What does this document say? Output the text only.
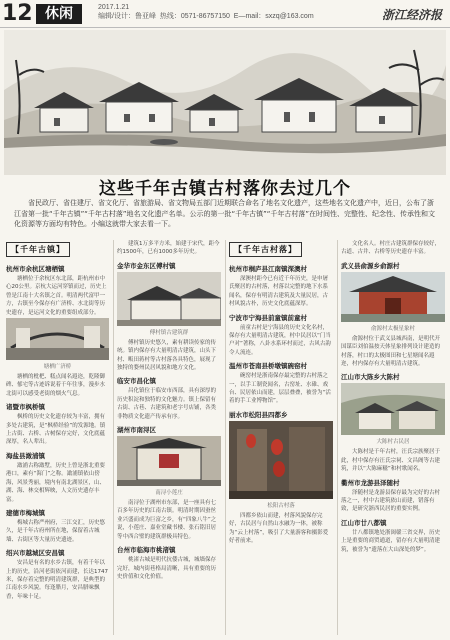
12 休闲	2017.1.21
编辑/设计：鲁亚峰 热线：0571-86757150 E—mail：sxzq@163.com	浙江经济报
这些千年古镇古村落你去过几个
省民政厅、省住建厅、省文化厅、省旅游局、省文物局五部门近期联合命名了地名文化遗产，这些地名文化遗产中，近日，公布了浙江省第一批“千年古镇”“千年古村落”地名文化遗产名单。公示的第一批“千年古镇”“千年古村落”在时间性、完整性、纪念性、传承性和文化资源等方面均有特色。小编这就带大家去看一下。
【千年古镇】
杭州市余杭区塘栖镇

塘栖位于余杭区东北部，距杭州市中心20公里。京杭大运河穿镇而过，历史上曾是江南十大名镇之首。明清两代富甲一方，古镇至今保存有广济桥、水北街等历史遗存，是运河文化的重要组成部分。

塘栖广济桥

塘栖的枇杷、糕点闻名遐迩，乾隆御碑、郁宅等古迹诉说着千年往事，漫步水北街可以感受老街的烟火气息。

诸暨市枫桥镇

枫桥的历史文化遗存较为丰富，拥有多处古建筑，是“枫桥经验”的发源地。镇上古街、古桥、古树保存完好，文化底蕴深厚，名人辈出。

海盐县澉浦镇

澉浦古称澉墅，历史上曾是浙北重要港口，素有“海门”之称。澉浦镇依山傍海，风景秀丽，境内有南北湖景区，山、湖、海、林交相辉映，人文历史遗存丰富。

建德市梅城镇

梅城古称严州府，三江交汇，历史悠久，是千年古府州所在地，保留着古城墙、古街区等大量历史遗迹。

绍兴市越城区安昌镇

安昌是有名的水乡古镇，有着千年以上的历史，沿河老街依河而建，长达1747米，保存着完整的明清建筑群，是典型的江南水乡风貌。每逢腊月，安昌腊味飘香，年味十足。

建筑1万多平方米，始建于宋代，距今约1500年，已有1000多年历史。

金华市金东区傅村镇
傅村镇古建筑群

傅村镇历史悠久，素有耕读传家的传统。镇内保存有大量明清古建筑，山头下村、畈田蒋村等古村落各具特色，展现了独特的婺州民居风貌和地方文化。

临安市昌化镇

昌化镇位于临安市西部，具有深厚的历史积淀和独特的文化魅力。镇上保留有古街、古巷、古建筑和老字号店铺，各类非物质文化遗产传承有序。

湖州市南浔区
南浔小莲庄

南浔位于湖州市东部，是一座具有七百多年历史的江南古镇。明清时期因蚕丝业兴盛而成为巨富之乡，有“四象八牛”之说，小莲庄、嘉业堂藏书楼、张石铭旧居等中西合璧的建筑群极具特色。

台州市临海市桃渚镇

桃渚古城是明代抗倭古城，城墙保存完好，城内街巷格局清晰，具有重要的历史价值和文化价值。

【千年古村落】
杭州市桐庐县江南镇深澳村

深澳村距今已有近千年历史，是申屠氏聚居的古村落，村落以完整的地下水系闻名，保存有明清古建筑及大量民居，古村风貌古朴，历史文化底蕴深厚。

宁波市宁海县前童镇前童村

前童古村是宁海县的历史文化名村，保存有大量明清古建筑，村中民居以“门当户对”著称，八卦水系环村而过，古风古韵令人流连。

温州市苍南县桥墩镇碗窑村

碗窑村是浙南保存最完整的古村落之一，以手工制瓷闻名，古窑址、水碓、戏台、民居依山而建，层层叠叠，被誉为“活着的手工业博物馆”。

丽水市松阳县四都乡
松阳古村落

四都乡依山而建，村落风貌保存完好，古民居与自然山水融为一体，被称为“云上村落”，吸引了大量游客和摄影爱好者前来。

文化名人。村庄古建筑群保存较好，古道、古井、古桥等历史遗存丰富。

武义县俞源乡俞源村
俞源村太极星象村

俞源村位于武义县城西南，是明代开国谋臣刘伯温按天体星象排列设计建造的村落，村口的太极图田和七星塘闻名遐迩，村内保存有大量明清古建筑。

江山市大陈乡大陈村
大陈村古民居

大陈村是千年古村，汪氏宗族聚居于此，村中保存有汪氏宗祠、文昌阁等古建筑，并以“大陈麻糍”和村歌闻名。

衢州市龙游县泽随村

泽随村是龙游县保存最为完好的古村落之一，村中古建筑依山而建，错落有致，是研究浙西民居的重要实例。

江山市廿八都镇

廿八都镇地处浙闽赣三省交界，历史上是重要的商贸通道，留存有大量明清建筑，被誉为“遗落在大山深处的梦”。
